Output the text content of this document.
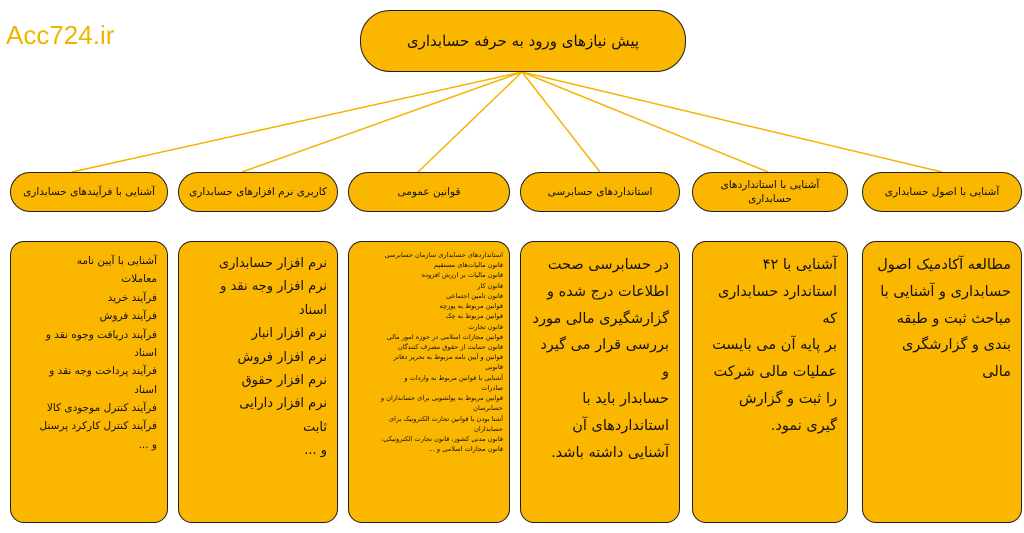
Acc724.ir	پیش نیازهای ورود به حرفه حسابداری
آشنایی با اصول حسابداری
مطالعه آکادمیک اصول
حسابداری و آشنایی با
مباحث ثبت و طبقه
بندی و گزارشگری
مالی
آشنایی با استانداردهای حسابداری
آشنایی با ۴۲
استاندارد حسابداری که
بر پایه آن می بایست
عملیات مالی شرکت
را ثبت و گزارش
گیری نمود.
استانداردهای حسابرسی
در حسابرسی صحت
اطلاعات درج شده و
گزارشگیری مالی مورد
بررسی قرار می گیرد و
حسابدار باید با
استانداردهای آن
آشنایی داشته باشد.
قوانین عمومی
استانداردهای حسابداری سازمان حسابرسی
قانون مالیات‌های مستقیم
قانون مالیات بر ارزش افزوده
قانون کار
قانون تامین اجتماعی
قوانین مربوط به پورچه
قوانین مربوط به چک
قانون تجارت
قوانین مجازات اسلامی در حوزه امور مالی
قانون حمایت از حقوق مصرف کنندگان
قوانین و آیین نامه مربوط به تحریر دفاتر
قانونی
آشنایی با قوانین مربوط به واردات و
صادرات
قوانین مربوط به پولشویی برای حسابداران و
حسابرسان
آشنا بودن با قوانین تجارت الکترونیک برای
حسابداران
قانون مدنی کشور، قانون تجارت الکترونیکی،
قانون مجازات اسلامی و ...
کاربری نرم افزارهای حسابداری
نرم افزار حسابداری
نرم افزار وجه نقد و
اسناد
نرم افزار انبار
نرم افزار فروش
نرم افزار حقوق
نرم افزار دارایی
ثابت
و ...
آشنایی با فرآیندهای حسابداری
آشنایی با آیین نامه
معاملات
فرآیند خرید
فرآیند فروش
فرآیند دریافت وجوه نقد و
اسناد
فرآیند پرداخت وجه نقد و
اسناد
فرآیند کنترل موجودی کالا
فرآیند کنترل کارکرد پرسنل
و ...
